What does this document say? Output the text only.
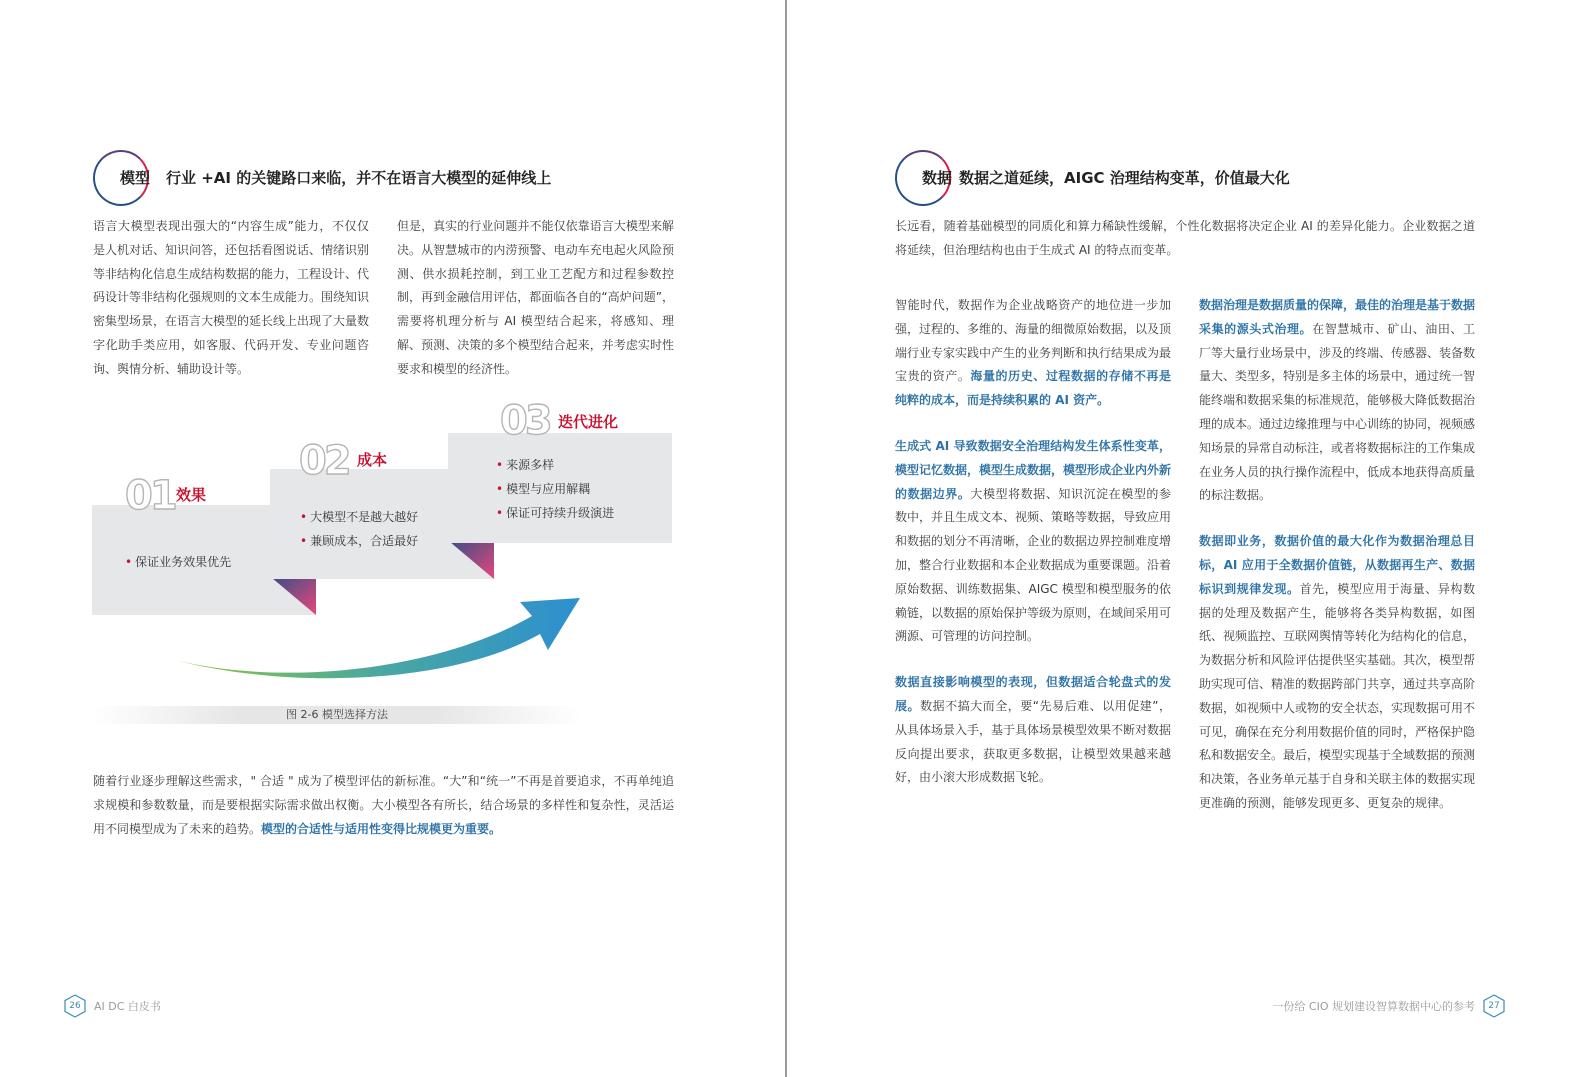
模型 行业 +AI 的关键路口来临，并不在语言大模型的延伸线上
语言大模型表现出强大的“内容生成”能力，不仅仅是人机对话、知识问答，还包括看图说话、情绪识别等非结构化信息生成结构数据的能力，工程设计、代码设计等非结构化强规则的文本生成能力。围绕知识密集型场景，在语言大模型的延长线上出现了大量数字化助手类应用，如客服、代码开发、专业问题咨询、舆情分析、辅助设计等。
但是，真实的行业问题并不能仅依靠语言大模型来解决。从智慧城市的内涝预警、电动车充电起火风险预测、供水损耗控制，到工业工艺配方和过程参数控制，再到金融信用评估，都面临各自的“高炉问题”，需要将机理分析与 AI 模型结合起来，将感知、理解、预测、决策的多个模型结合起来，并考虑实时性要求和模型的经济性。
01 效果
• 保证业务效果优先
02 成本
• 大模型不是越大越好
• 兼顾成本，合适最好
03 迭代进化
• 来源多样
• 模型与应用解耦
• 保证可持续升级演进
从 3 个维度进行模型选择
图 2-6 模型选择方法
随着行业逐步理解这些需求，" 合适 " 成为了模型评估的新标准。“大”和“统一”不再是首要追求，不再单纯追求规模和参数数量，而是要根据实际需求做出权衡。大小模型各有所长，结合场景的多样性和复杂性，灵活运用不同模型成为了未来的趋势。模型的合适性与适用性变得比规模更为重要。
26 AI DC 白皮书
数据 数据之道延续，AIGC 治理结构变革，价值最大化
长远看，随着基础模型的同质化和算力稀缺性缓解，个性化数据将决定企业 AI 的差异化能力。企业数据之道将延续，但治理结构也由于生成式 AI 的特点而变革。
智能时代，数据作为企业战略资产的地位进一步加强，过程的、多维的、海量的细微原始数据，以及顶端行业专家实践中产生的业务判断和执行结果成为最宝贵的资产。海量的历史、过程数据的存储不再是纯粹的成本，而是持续积累的 AI 资产。
生成式 AI 导致数据安全治理结构发生体系性变革，模型记忆数据，模型生成数据，模型形成企业内外新的数据边界。大模型将数据、知识沉淀在模型的参数中，并且生成文本、视频、策略等数据，导致应用和数据的划分不再清晰，企业的数据边界控制难度增加，整合行业数据和本企业数据成为重要课题。沿着原始数据、训练数据集、AIGC 模型和模型服务的依赖链，以数据的原始保护等级为原则，在域间采用可溯源、可管理的访问控制。
数据直接影响模型的表现，但数据适合轮盘式的发展。数据不搞大而全，要“先易后难、以用促建”，从具体场景入手，基于具体场景模型效果不断对数据反向提出要求，获取更多数据，让模型效果越来越好，由小滚大形成数据飞轮。
数据治理是数据质量的保障，最佳的治理是基于数据采集的源头式治理。在智慧城市、矿山、油田、工厂等大量行业场景中，涉及的终端、传感器、装备数量大、类型多，特别是多主体的场景中，通过统一智能终端和数据采集的标准规范，能够极大降低数据治理的成本。通过边缘推理与中心训练的协同，视频感知场景的异常自动标注，或者将数据标注的工作集成在业务人员的执行操作流程中，低成本地获得高质量的标注数据。
数据即业务，数据价值的最大化作为数据治理总目标，AI 应用于全数据价值链，从数据再生产、数据标识到规律发现。首先，模型应用于海量、异构数据的处理及数据产生，能够将各类异构数据，如图纸、视频监控、互联网舆情等转化为结构化的信息，为数据分析和风险评估提供坚实基础。其次，模型帮助实现可信、精准的数据跨部门共享，通过共享高阶数据，如视频中人或物的安全状态，实现数据可用不可见，确保在充分利用数据价值的同时，严格保护隐私和数据安全。最后，模型实现基于全域数据的预测和决策，各业务单元基于自身和关联主体的数据实现更准确的预测，能够发现更多、更复杂的规律。
一份给 CIO 规划建设智算数据中心的参考 27
